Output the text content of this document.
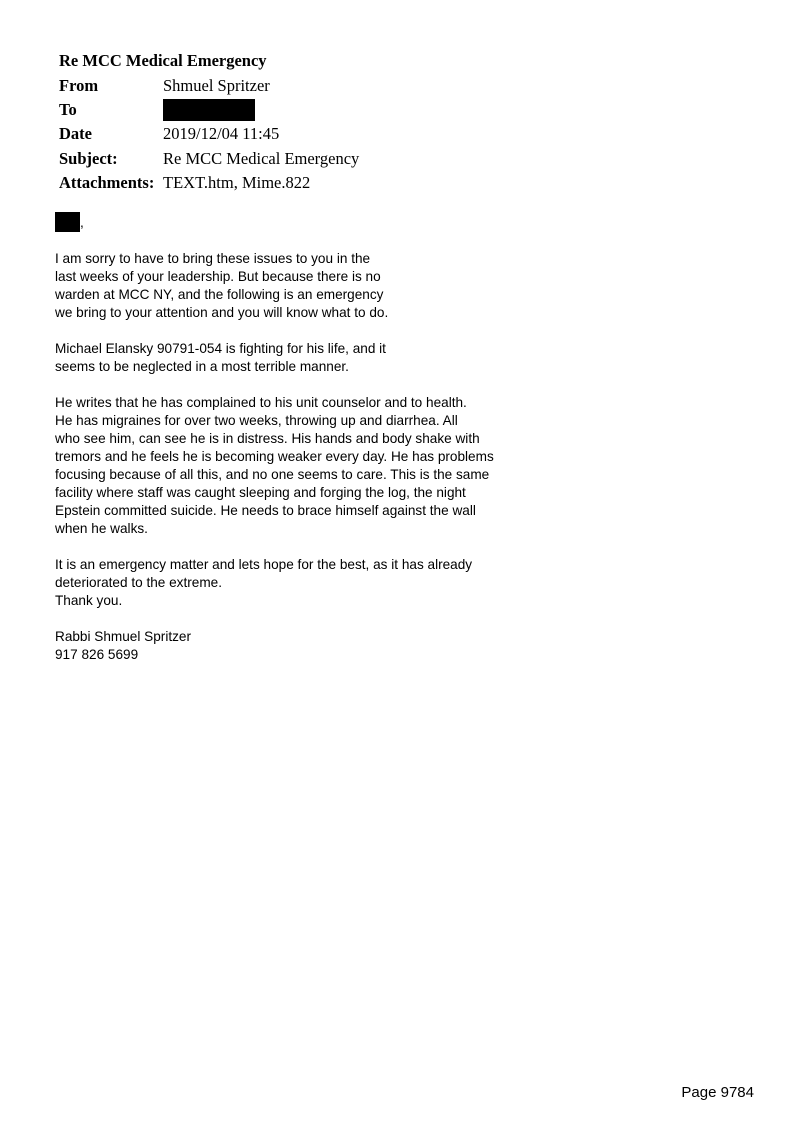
Re MCC Medical Emergency
From	Shmuel Spritzer
To
Date	2019/12/04 11:45
Subject:	Re MCC Medical Emergency
Attachments: TEXT.htm, Mime.822
,
I am sorry to have to bring these issues to you in the
last weeks of your leadership. But because there is no
warden at MCC NY, and the following is an emergency
we bring to your attention and you will know what to do.
Michael Elansky 90791-054 is fighting for his life, and it
seems to be neglected in a most terrible manner.
He writes that he has complained to his unit counselor and to health.
He has migraines for over two weeks, throwing up and diarrhea. All
who see him, can see he is in distress. His hands and body shake with
tremors and he feels he is becoming weaker every day. He has problems
focusing because of all this, and no one seems to care. This is the same
facility where staff was caught sleeping and forging the log, the night
Epstein committed suicide. He needs to brace himself against the wall
when he walks.
It is an emergency matter and lets hope for the best, as it has already
deteriorated to the extreme.
Thank you.
Rabbi Shmuel Spritzer
917 826 5699
Page 9784
